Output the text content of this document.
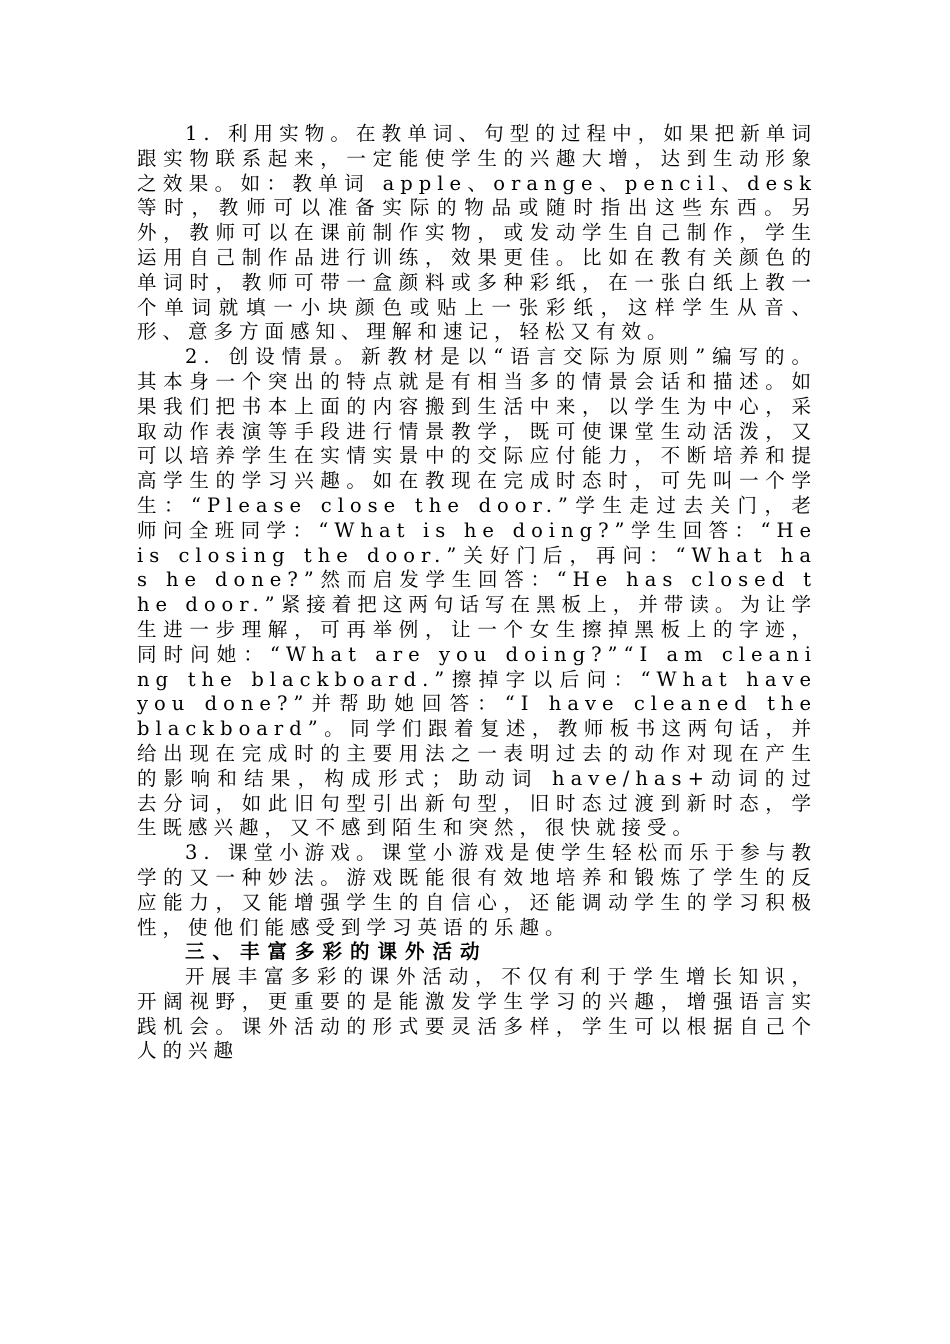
1. 利用实物。在教单词、句型的过程中，如果把新单词跟实物联系起来，一定能使学生的兴趣大增，达到生动形象之效果。如：教单词 apple、orange、pencil、desk 等时，教师可以准备实际的物品或随时指出这些东西。另外，教师可以在课前制作实物，或发动学生自己制作，学生运用自己制作品进行训练，效果更佳。比如在教有关颜色的单词时，教师可带一盒颜料或多种彩纸，在一张白纸上教一个单词就填一小块颜色或贴上一张彩纸，这样学生从音、形、意多方面感知、理解和速记，轻松又有效。

2. 创设情景。新教材是以“语言交际为原则”编写的。其本身一个突出的特点就是有相当多的情景会话和描述。如果我们把书本上面的内容搬到生活中来，以学生为中心，采取动作表演等手段进行情景教学，既可使课堂生动活泼，又可以培养学生在实情实景中的交际应付能力，不断培养和提高学生的学习兴趣。如在教现在完成时态时，可先叫一个学生：“Please close the door.”学生走过去关门，老师问全班同学：“What is he doing?”学生回答：“He is closing the door.”关好门后，再问：“What has he done?”然而启发学生回答：“He has closed the door.”紧接着把这两句话写在黑板上，并带读。为让学生进一步理解，可再举例，让一个女生擦掉黑板上的字迹，同时问她：“What are you doing?”“I am cleaning the blackboard.”擦掉字以后问：“What have you done?”并帮助她回答：“I have cleaned the blackboard”。同学们跟着复述，教师板书这两句话，并给出现在完成时的主要用法之一表明过去的动作对现在产生的影响和结果，构成形式；助动词 have/has+动词的过去分词，如此旧句型引出新句型，旧时态过渡到新时态，学生既感兴趣，又不感到陌生和突然，很快就接受。

3. 课堂小游戏。课堂小游戏是使学生轻松而乐于参与教学的又一种妙法。游戏既能很有效地培养和锻炼了学生的反应能力，又能增强学生的自信心，还能调动学生的学习积极性，使他们能感受到学习英语的乐趣。

三、丰富多彩的课外活动

开展丰富多彩的课外活动，不仅有利于学生增长知识，开阔视野，更重要的是能激发学生学习的兴趣，增强语言实践机会。课外活动的形式要灵活多样，学生可以根据自己个人的兴趣
